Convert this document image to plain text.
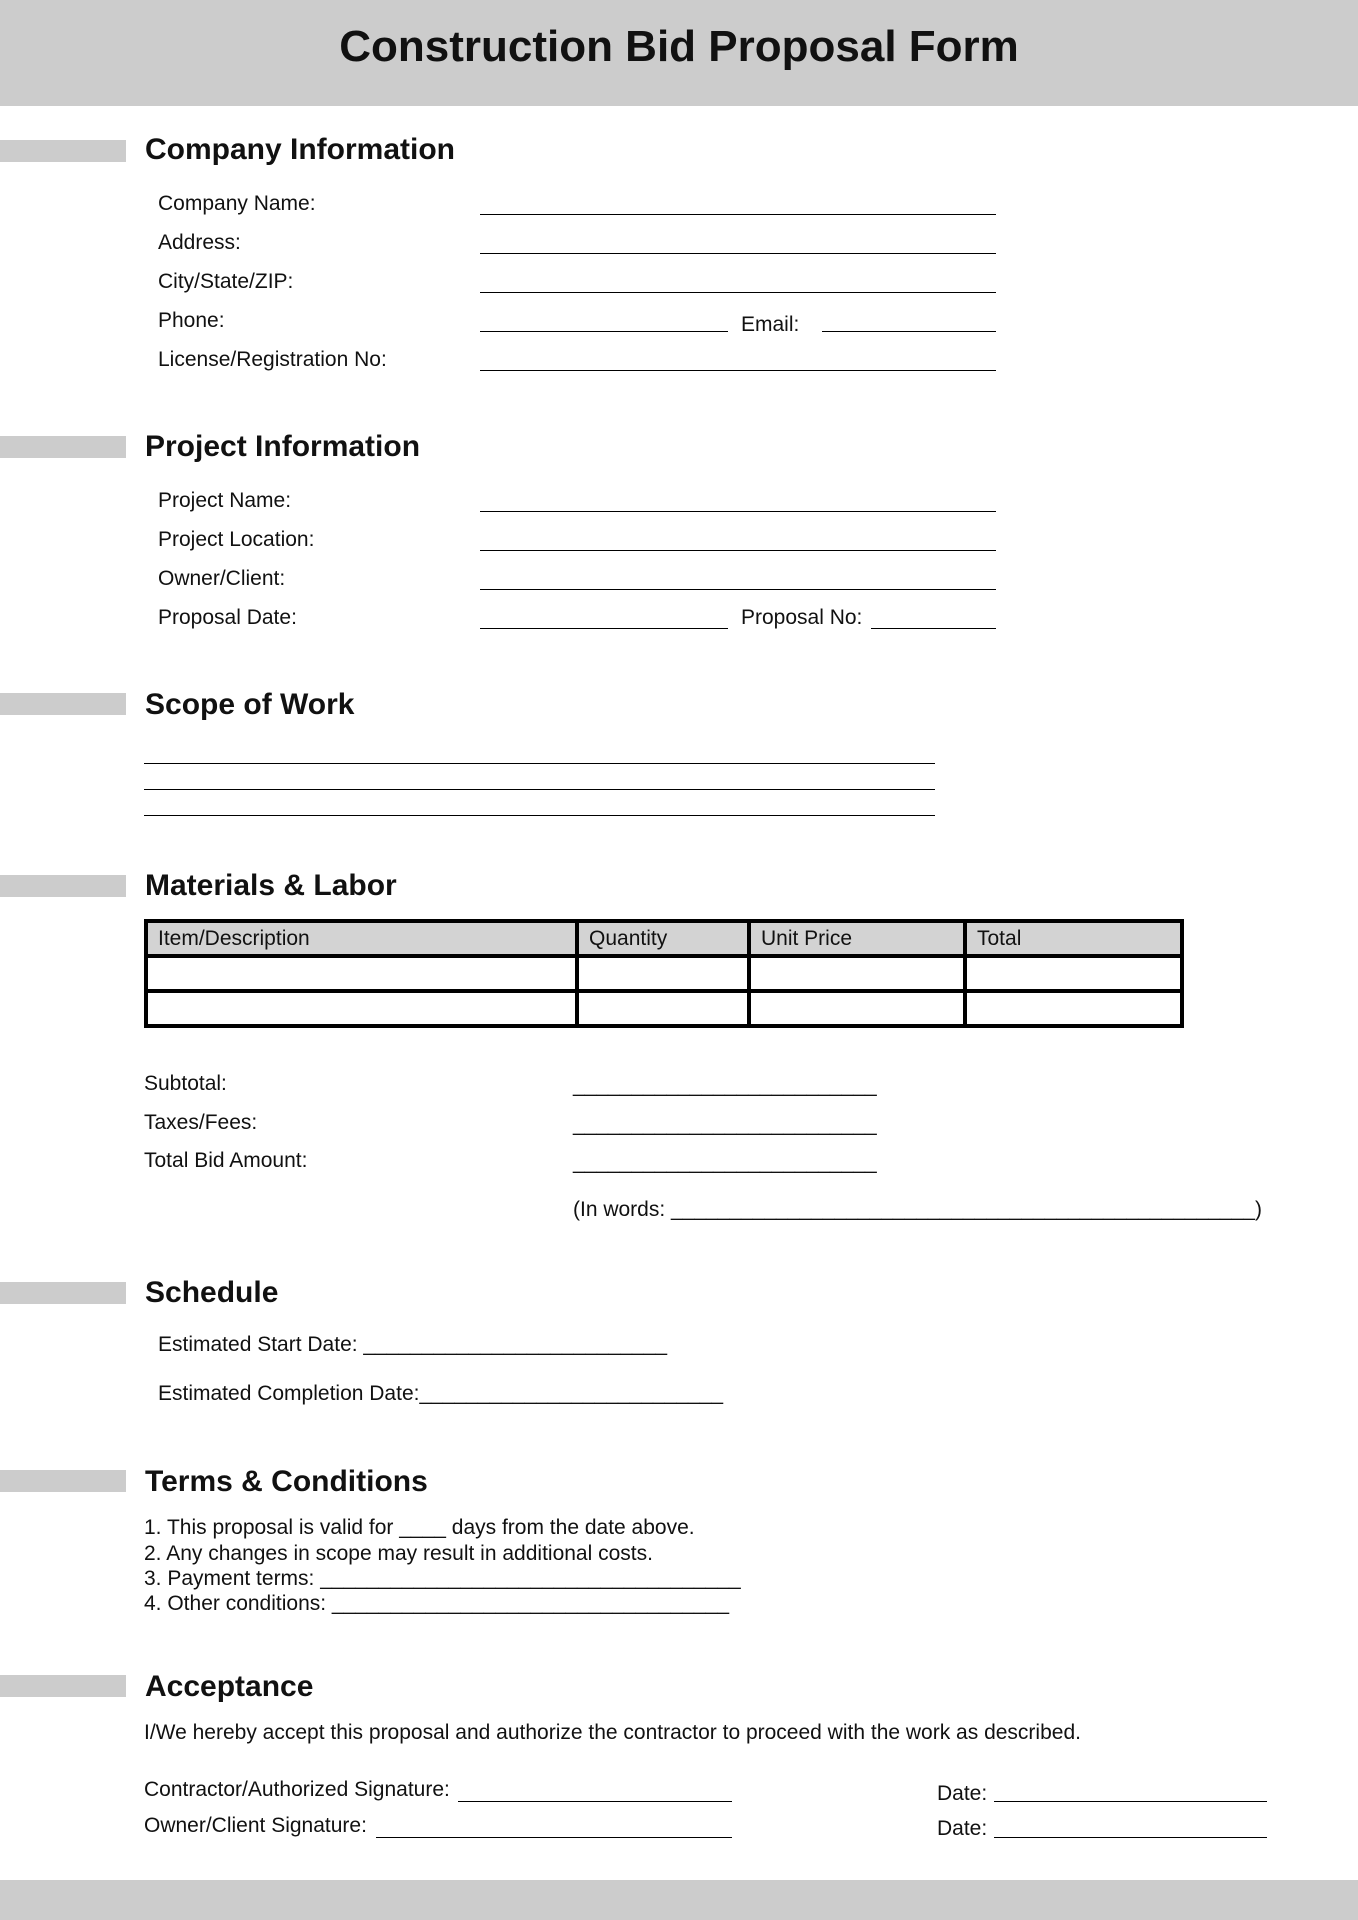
Construction Bid Proposal Form
Company Information
Company Name:
Address:
City/State/ZIP:
Phone:	Email:
License/Registration No:
Project Information
Project Name:
Project Location:
Owner/Client:
Proposal Date:	Proposal No:
Scope of Work
Materials & Labor
Item/Description	Quantity	Unit Price	Total

Subtotal:	__________________________
Taxes/Fees:	__________________________
Total Bid Amount:	__________________________
(In words: __________________________________________________)
Schedule
Estimated Start Date: __________________________
Estimated Completion Date:__________________________
Terms & Conditions
1. This proposal is valid for ____ days from the date above.
2. Any changes in scope may result in additional costs.
3. Payment terms: ____________________________________
4. Other conditions: __________________________________
Acceptance
I/We hereby accept this proposal and authorize the contractor to proceed with the work as described.
Contractor/Authorized Signature:	Date:
Owner/Client Signature:	Date:
